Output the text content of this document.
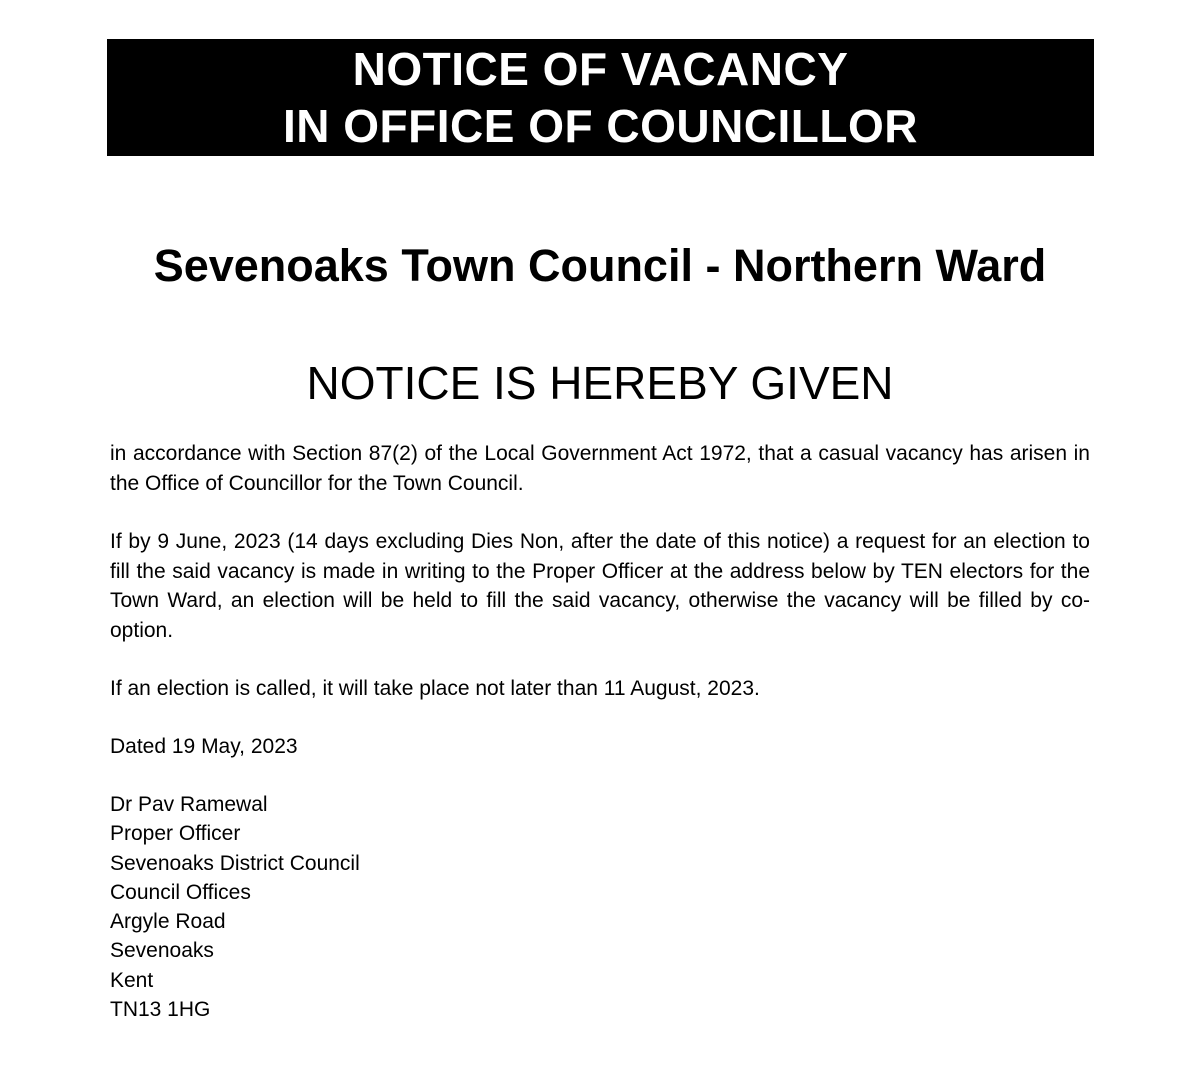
NOTICE OF VACANCY
IN OFFICE OF COUNCILLOR
Sevenoaks Town Council - Northern Ward
NOTICE IS HEREBY GIVEN

in accordance with Section 87(2) of the Local Government Act 1972, that a casual vacancy has arisen in the Office of Councillor for the Town Council.

If by 9 June, 2023 (14 days excluding Dies Non, after the date of this notice) a request for an election to fill the said vacancy is made in writing to the Proper Officer at the address below by TEN electors for the Town Ward, an election will be held to fill the said vacancy, otherwise the vacancy will be filled by co-option.

If an election is called, it will take place not later than 11 August, 2023.

Dated 19 May, 2023

Dr Pav Ramewal
Proper Officer
Sevenoaks District Council
Council Offices
Argyle Road
Sevenoaks
Kent
TN13 1HG
